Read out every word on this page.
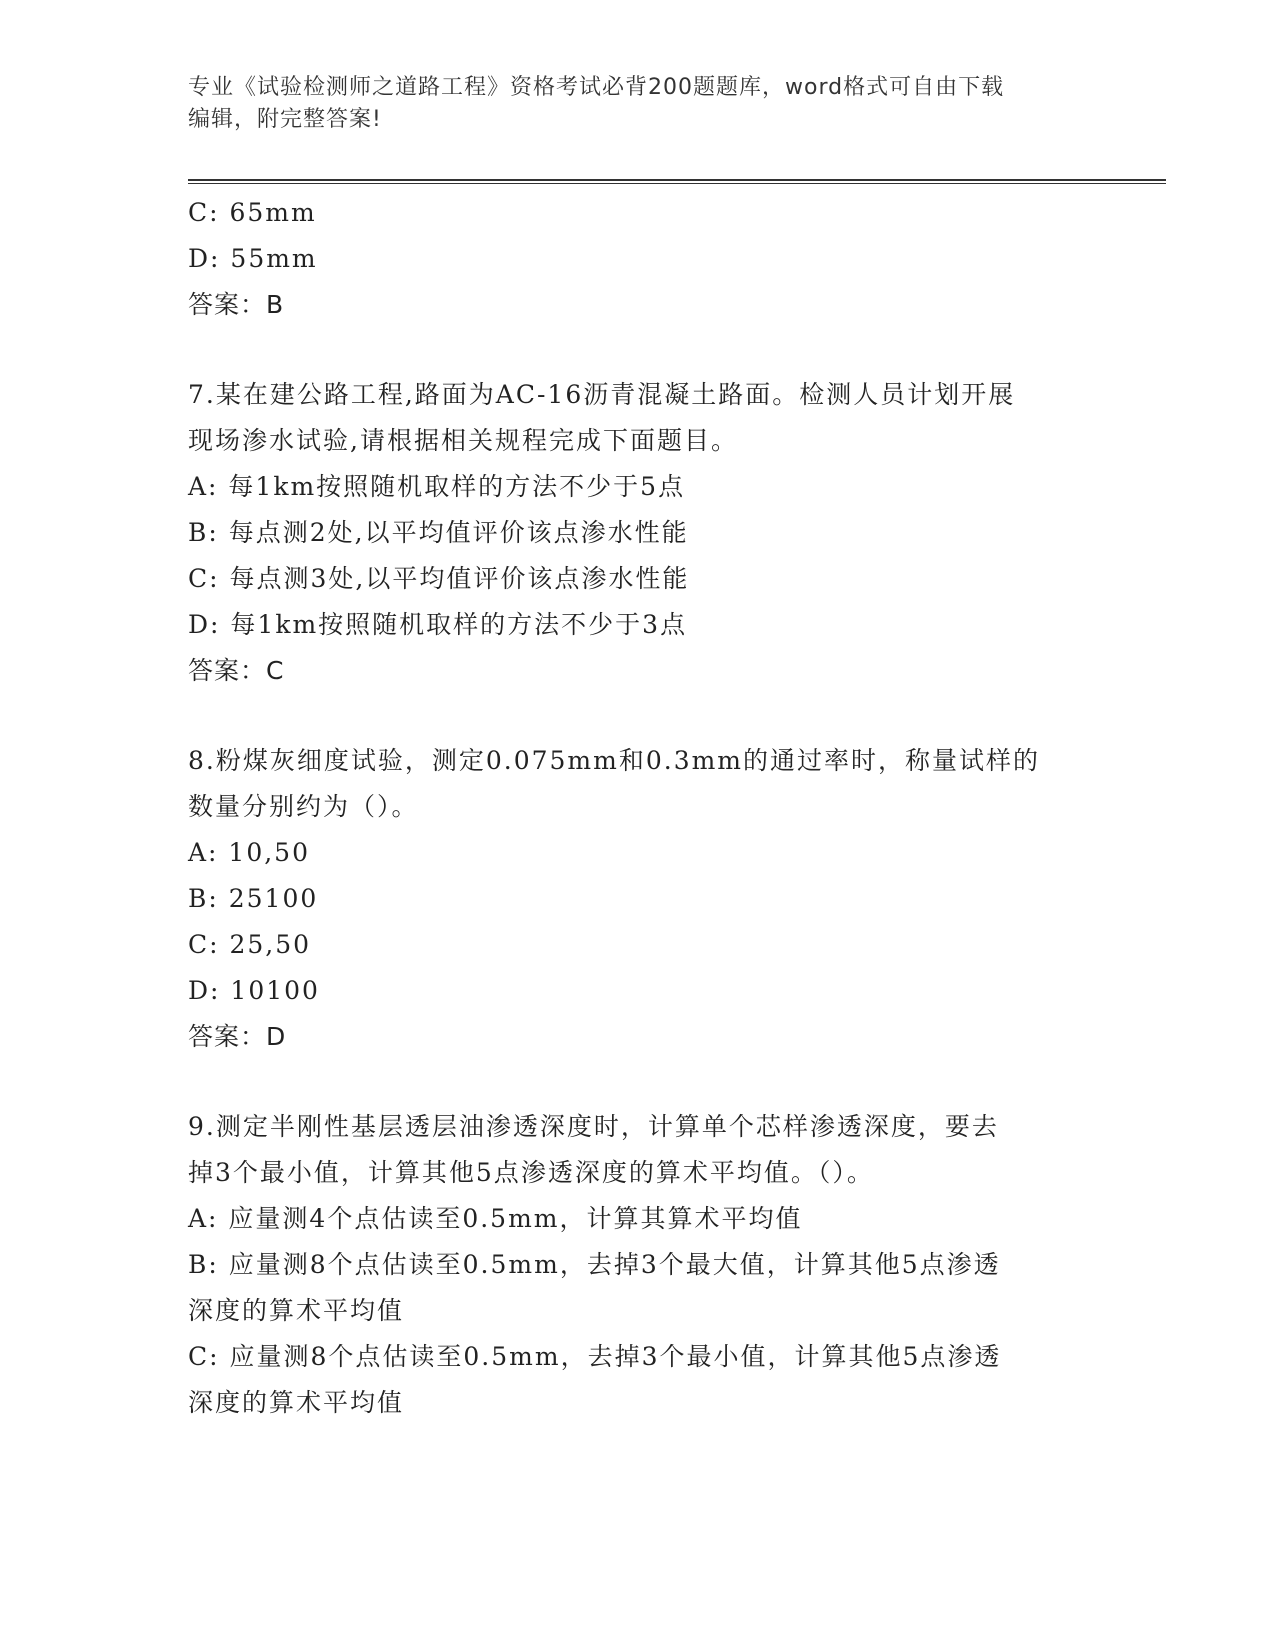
专业《试验检测师之道路工程》资格考试必背200题题库，word格式可自由下载
编辑，附完整答案!
C: 65mm
D: 55mm
答案：B
7.某在建公路工程,路面为AC-16沥青混凝土路面。检测人员计划开展
现场渗水试验,请根据相关规程完成下面题目。
A: 每1km按照随机取样的方法不少于5点
B: 每点测2处,以平均值评价该点渗水性能
C: 每点测3处,以平均值评价该点渗水性能
D: 每1km按照随机取样的方法不少于3点
答案：C
8.粉煤灰细度试验，测定0.075mm和0.3mm的通过率时，称量试样的
数量分别约为（）。
A: 10,50
B: 25100
C: 25,50
D: 10100
答案：D
9.测定半刚性基层透层油渗透深度时，计算单个芯样渗透深度，要去
掉3个最小值，计算其他5点渗透深度的算术平均值。（）。
A: 应量测4个点估读至0.5mm，计算其算术平均值
B: 应量测8个点估读至0.5mm，去掉3个最大值，计算其他5点渗透
深度的算术平均值
C: 应量测8个点估读至0.5mm，去掉3个最小值，计算其他5点渗透
深度的算术平均值
